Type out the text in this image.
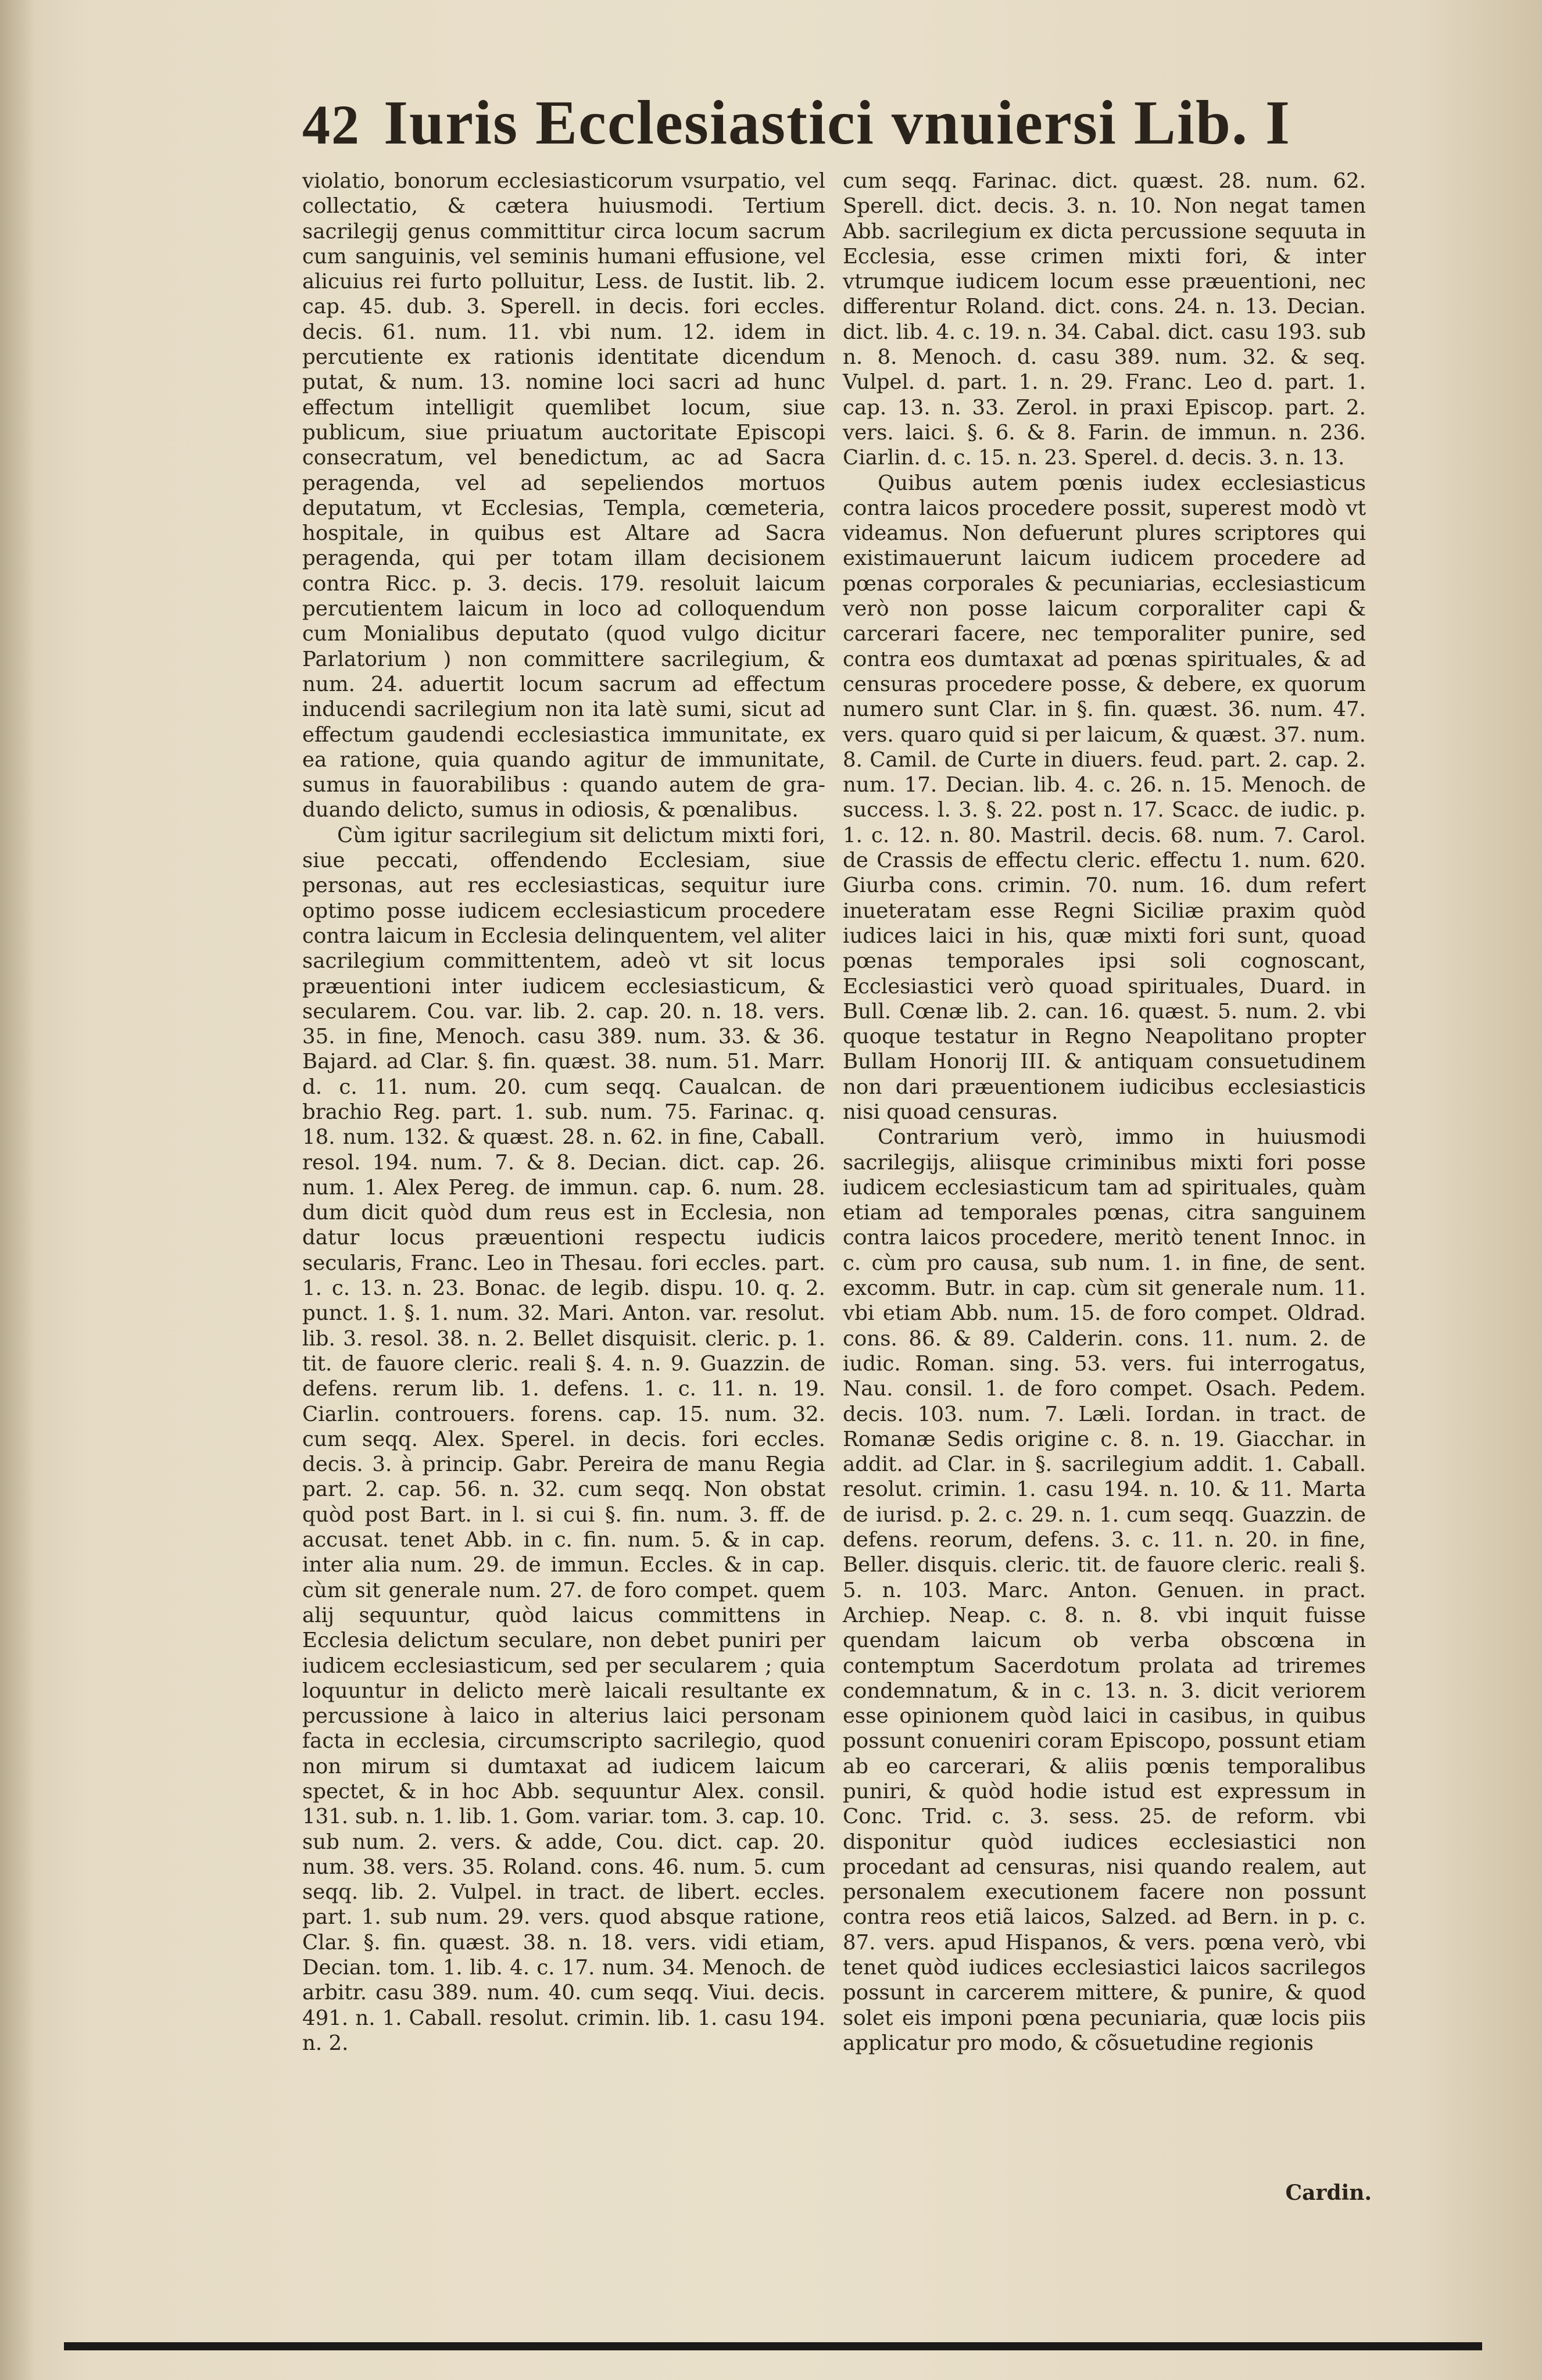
42 Iuris Ecclesiastici vnuiersi Lib. I

violatio, bonorum ecclesiasticorum vsurpatio, vel collectatio, & cætera huiusmodi. Tertium sacrilegij genus committitur circa locum sacrum cum sanguinis, vel seminis humani effusione, vel alicuius rei furto polluitur, Less. de Iustit. lib. 2. cap. 45. dub. 3. Sperell. in decis. fori eccles. decis. 61. num. 11. vbi num. 12. idem in percutiente ex rationis identitate dicendum putat, & num. 13. nomine loci sacri ad hunc effectum intelligit quemlibet locum, siue publicum, siue priuatum auctoritate Episcopi consecratum, vel benedictum, ac ad Sacra peragenda, vel ad sepeliendos mortuos deputatum, vt Ecclesias, Templa, cœmeteria, hospitale, in quibus est Altare ad Sacra peragenda, qui per totam illam decisionem contra Ricc. p. 3. decis. 179. resoluit laicum percutientem laicum in loco ad colloquendum cum Monialibus deputato (quod vulgo dicitur Parlatorium ) non committere sacrilegium, & num. 24. aduertit locum sacrum ad effectum inducendi sacrilegium non ita latè sumi, sicut ad effectum gaudendi ecclesiastica immunitate, ex ea ratione, quia quando agitur de immunitate, sumus in fauorabilibus : quando autem de gra-duando delicto, sumus in odiosis, & pœnalibus.

Cùm igitur sacrilegium sit delictum mixti fori, siue peccati, offendendo Ecclesiam, siue personas, aut res ecclesiasticas, sequitur iure optimo posse iudicem ecclesiasticum procedere contra laicum in Ecclesia delinquentem, vel aliter sacrilegium committentem, adeò vt sit locus præuentioni inter iudicem ecclesiasticum, & secularem. Cou. var. lib. 2. cap. 20. n. 18. vers. 35. in fine, Menoch. casu 389. num. 33. & 36. Bajard. ad Clar. §. fin. quæst. 38. num. 51. Marr. d. c. 11. num. 20. cum seqq. Caualcan. de brachio Reg. part. 1. sub. num. 75. Farinac. q. 18. num. 132. & quæst. 28. n. 62. in fine, Caball. resol. 194. num. 7. & 8. Decian. dict. cap. 26. num. 1. Alex Pereg. de immun. cap. 6. num. 28. dum dicit quòd dum reus est in Ecclesia, non datur locus præuentioni respectu iudicis secularis, Franc. Leo in Thesau. fori eccles. part. 1. c. 13. n. 23. Bonac. de legib. dispu. 10. q. 2. punct. 1. §. 1. num. 32. Mari. Anton. var. resolut. lib. 3. resol. 38. n. 2. Bellet disquisit. cleric. p. 1. tit. de fauore cleric. reali §. 4. n. 9. Guazzin. de defens. rerum lib. 1. defens. 1. c. 11. n. 19. Ciarlin. controuers. forens. cap. 15. num. 32. cum seqq. Alex. Sperel. in decis. fori eccles. decis. 3. à princip. Gabr. Pereira de manu Regia part. 2. cap. 56. n. 32. cum seqq. Non obstat quòd post Bart. in l. si cui §. fin. num. 3. ff. de accusat. tenet Abb. in c. fin. num. 5. & in cap. inter alia num. 29. de immun. Eccles. & in cap. cùm sit generale num. 27. de foro compet. quem alij sequuntur, quòd laicus committens in Ecclesia delictum seculare, non debet puniri per iudicem ecclesiasticum, sed per secularem ; quia loquuntur in delicto merè laicali resultante ex percussione à laico in alterius laici personam facta in ecclesia, circumscripto sacrilegio, quod non mirum si dumtaxat ad iudicem laicum spectet, & in hoc Abb. sequuntur Alex. consil. 131. sub. n. 1. lib. 1. Gom. variar. tom. 3. cap. 10. sub num. 2. vers. & adde, Cou. dict. cap. 20. num. 38. vers. 35. Roland. cons. 46. num. 5. cum seqq. lib. 2. Vulpel. in tract. de libert. eccles. part. 1. sub num. 29. vers. quod absque ratione, Clar. §. fin. quæst. 38. n. 18. vers. vidi etiam, Decian. tom. 1. lib. 4. c. 17. num. 34. Menoch. de arbitr. casu 389. num. 40. cum seqq. Viui. decis. 491. n. 1. Caball. resolut. crimin. lib. 1. casu 194. n. 2.

cum seqq. Farinac. dict. quæst. 28. num. 62. Sperell. dict. decis. 3. n. 10. Non negat tamen Abb. sacrilegium ex dicta percussione sequuta in Ecclesia, esse crimen mixti fori, & inter vtrumque iudicem locum esse præuentioni, nec differentur Roland. dict. cons. 24. n. 13. Decian. dict. lib. 4. c. 19. n. 34. Cabal. dict. casu 193. sub n. 8. Menoch. d. casu 389. num. 32. & seq. Vulpel. d. part. 1. n. 29. Franc. Leo d. part. 1. cap. 13. n. 33. Zerol. in praxi Episcop. part. 2. vers. laici. §. 6. & 8. Farin. de immun. n. 236. Ciarlin. d. c. 15. n. 23. Sperel. d. decis. 3. n. 13.

Quibus autem pœnis iudex ecclesiasticus contra laicos procedere possit, superest modò vt videamus. Non defuerunt plures scriptores qui existimauerunt laicum iudicem procedere ad pœnas corporales & pecuniarias, ecclesiasticum verò non posse laicum corporaliter capi & carcerari facere, nec temporaliter punire, sed contra eos dumtaxat ad pœnas spirituales, & ad censuras procedere posse, & debere, ex quorum numero sunt Clar. in §. fin. quæst. 36. num. 47. vers. quaro quid si per laicum, & quæst. 37. num. 8. Camil. de Curte in diuers. feud. part. 2. cap. 2. num. 17. Decian. lib. 4. c. 26. n. 15. Menoch. de success. l. 3. §. 22. post n. 17. Scacc. de iudic. p. 1. c. 12. n. 80. Mastril. decis. 68. num. 7. Carol. de Crassis de effectu cleric. effectu 1. num. 620. Giurba cons. crimin. 70. num. 16. dum refert inueteratam esse Regni Siciliæ praxim quòd iudices laici in his, quæ mixti fori sunt, quoad pœnas temporales ipsi soli cognoscant, Ecclesiastici verò quoad spirituales, Duard. in Bull. Cœnæ lib. 2. can. 16. quæst. 5. num. 2. vbi quoque testatur in Regno Neapolitano propter Bullam Honorij III. & antiquam consuetudinem non dari præuentionem iudicibus ecclesiasticis nisi quoad censuras.

Contrarium verò, immo in huiusmodi sacrilegijs, aliisque criminibus mixti fori posse iudicem ecclesiasticum tam ad spirituales, quàm etiam ad temporales pœnas, citra sanguinem contra laicos procedere, meritò tenent Innoc. in c. cùm pro causa, sub num. 1. in fine, de sent. excomm. Butr. in cap. cùm sit generale num. 11. vbi etiam Abb. num. 15. de foro compet. Oldrad. cons. 86. & 89. Calderin. cons. 11. num. 2. de iudic. Roman. sing. 53. vers. fui interrogatus, Nau. consil. 1. de foro compet. Osach. Pedem. decis. 103. num. 7. Læli. Iordan. in tract. de Romanæ Sedis origine c. 8. n. 19. Giacchar. in addit. ad Clar. in §. sacrilegium addit. 1. Caball. resolut. crimin. 1. casu 194. n. 10. & 11. Marta de iurisd. p. 2. c. 29. n. 1. cum seqq. Guazzin. de defens. reorum, defens. 3. c. 11. n. 20. in fine, Beller. disquis. cleric. tit. de fauore cleric. reali §. 5. n. 103. Marc. Anton. Genuen. in pract. Archiep. Neap. c. 8. n. 8. vbi inquit fuisse quendam laicum ob verba obscœna in contemptum Sacerdotum prolata ad triremes condemnatum, & in c. 13. n. 3. dicit veriorem esse opinionem quòd laici in casibus, in quibus possunt conueniri coram Episcopo, possunt etiam ab eo carcerari, & aliis pœnis temporalibus puniri, & quòd hodie istud est expressum in Conc. Trid. c. 3. sess. 25. de reform. vbi disponitur quòd iudices ecclesiastici non procedant ad censuras, nisi quando realem, aut personalem executionem facere non possunt contra reos etiã laicos, Salzed. ad Bern. in p. c. 87. vers. apud Hispanos, & vers. pœna verò, vbi tenet quòd iudices ecclesiastici laicos sacrilegos possunt in carcerem mittere, & punire, & quod solet eis imponi pœna pecuniaria, quæ locis piis applicatur pro modo, & cõsuetudine regionis

Cardin.
